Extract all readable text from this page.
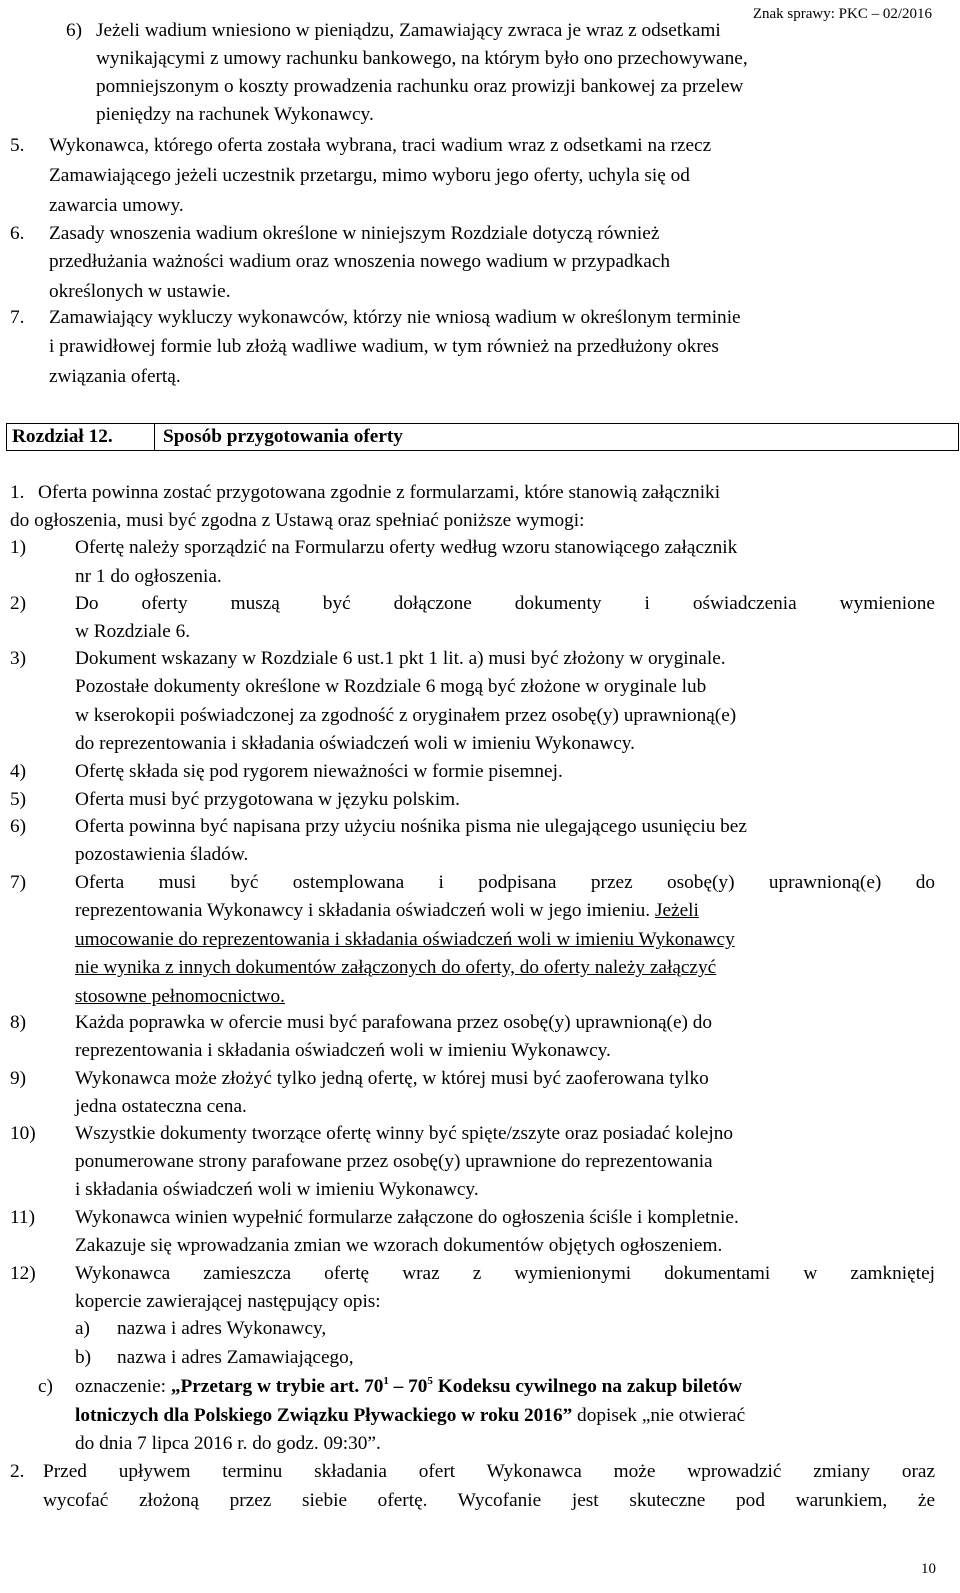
Znak sprawy: PKC – 02/2016
6) Jeżeli wadium wniesiono w pieniądzu, Zamawiający zwraca je wraz z odsetkami
wynikającymi z umowy rachunku bankowego, na którym było ono przechowywane,
pomniejszonym o koszty prowadzenia rachunku oraz prowizji bankowej za przelew
pieniędzy na rachunek Wykonawcy.
5. Wykonawca, którego oferta została wybrana, traci wadium wraz z odsetkami na rzecz
Zamawiającego jeżeli uczestnik przetargu, mimo wyboru jego oferty, uchyla się od
zawarcia umowy.
6. Zasady wnoszenia wadium określone w niniejszym Rozdziale dotyczą również
przedłużania ważności wadium oraz wnoszenia nowego wadium w przypadkach
określonych w ustawie.
7. Zamawiający wykluczy wykonawców, którzy nie wniosą wadium w określonym terminie
i prawidłowej formie lub złożą wadliwe wadium, w tym również na przedłużony okres
związania ofertą.
Rozdział 12.	Sposób przygotowania oferty
1. Oferta powinna zostać przygotowana zgodnie z formularzami, które stanowią załączniki
do ogłoszenia, musi być zgodna z Ustawą oraz spełniać poniższe wymogi:
1)	Ofertę należy sporządzić na Formularzu oferty według wzoru stanowiącego załącznik
nr 1 do ogłoszenia.
2)	Do oferty muszą być dołączone dokumenty i oświadczenia wymienione
w Rozdziale 6.
3)	Dokument wskazany w Rozdziale 6 ust.1 pkt 1 lit. a) musi być złożony w oryginale.
Pozostałe dokumenty określone w Rozdziale 6 mogą być złożone w oryginale lub
w kserokopii poświadczonej za zgodność z oryginałem przez osobę(y) uprawnioną(e)
do reprezentowania i składania oświadczeń woli w imieniu Wykonawcy.
4)	Ofertę składa się pod rygorem nieważności w formie pisemnej.
5)	Oferta musi być przygotowana w języku polskim.
6)	Oferta powinna być napisana przy użyciu nośnika pisma nie ulegającego usunięciu bez
pozostawienia śladów.
7)	Oferta musi być ostemplowana i podpisana przez osobę(y) uprawnioną(e) do
reprezentowania Wykonawcy i składania oświadczeń woli w jego imieniu. Jeżeli
umocowanie do reprezentowania i składania oświadczeń woli w imieniu Wykonawcy
nie wynika z innych dokumentów załączonych do oferty, do oferty należy załączyć
stosowne pełnomocnictwo.
8)	Każda poprawka w ofercie musi być parafowana przez osobę(y) uprawnioną(e) do
reprezentowania i składania oświadczeń woli w imieniu Wykonawcy.
9)	Wykonawca może złożyć tylko jedną ofertę, w której musi być zaoferowana tylko
jedna ostateczna cena.
10) Wszystkie dokumenty tworzące ofertę winny być spięte/zszyte oraz posiadać kolejno
ponumerowane strony parafowane przez osobę(y) uprawnione do reprezentowania
i składania oświadczeń woli w imieniu Wykonawcy.
11) Wykonawca winien wypełnić formularze załączone do ogłoszenia ściśle i kompletnie.
Zakazuje się wprowadzania zmian we wzorach dokumentów objętych ogłoszeniem.
12) Wykonawca zamieszcza ofertę wraz z wymienionymi dokumentami w zamkniętej
kopercie zawierającej następujący opis:
a) nazwa i adres Wykonawcy,
b) nazwa i adres Zamawiającego,
c) oznaczenie: „Przetarg w trybie art. $70^1 - 70^5$ Kodeksu cywilnego na zakup biletów
lotniczych dla Polskiego Związku Pływackiego w roku 2016” dopisek „nie otwierać
do dnia 7 lipca 2016 r. do godz. 09:30”.
2. Przed upływem terminu składania ofert Wykonawca może wprowadzić zmiany oraz
wycofać złożoną przez siebie ofertę. Wycofanie jest skuteczne pod warunkiem, że
10
